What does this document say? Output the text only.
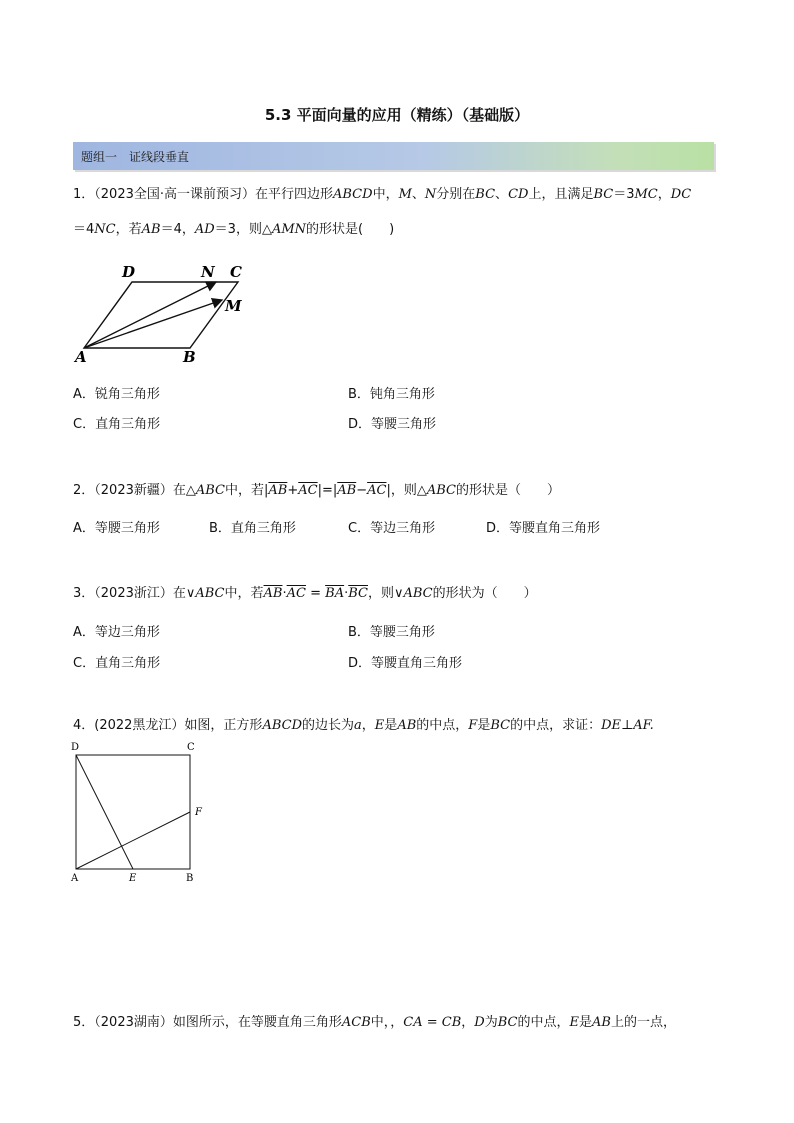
5.3 平面向量的应用（精练）（基础版）
题组一　证线段垂直
1．（2023全国·高一课前预习）在平行四边形ABCD中，M、N分别在BC、CD上，且满足BC＝3MC，DC
＝4NC，若AB＝4，AD＝3，则△AMN的形状是(　　)
D	N C
M
A	B
A．锐角三角形	B．钝角三角形
C．直角三角形	D．等腰三角形
2．（2023新疆）在△ABC中，若$|\overline{AB}+\overline{AC}|=|\overline{AB}-\overline{AC}|$，则△ABC的形状是（　　）
A．等腰三角形	B．直角三角形	C．等边三角形	D．等腰直角三角形
3．（2023浙江）在∨ABC中，若$\overline{AB}\cdot\overline{AC} = \overline{BA}\cdot\overline{BC}$，则∨ABC的形状为（　　）
A．等边三角形	B．等腰三角形
C．直角三角形	D．等腰直角三角形
4．(2022黑龙江）如图，正方形ABCD的边长为a，E是AB的中点，F是BC的中点，求证：DE⊥AF.
D	C
F
A	E	B
5．（2023湖南）如图所示，在等腰直角三角形ACB中，，CA = CB，D为BC的中点，E是AB上的一点，
